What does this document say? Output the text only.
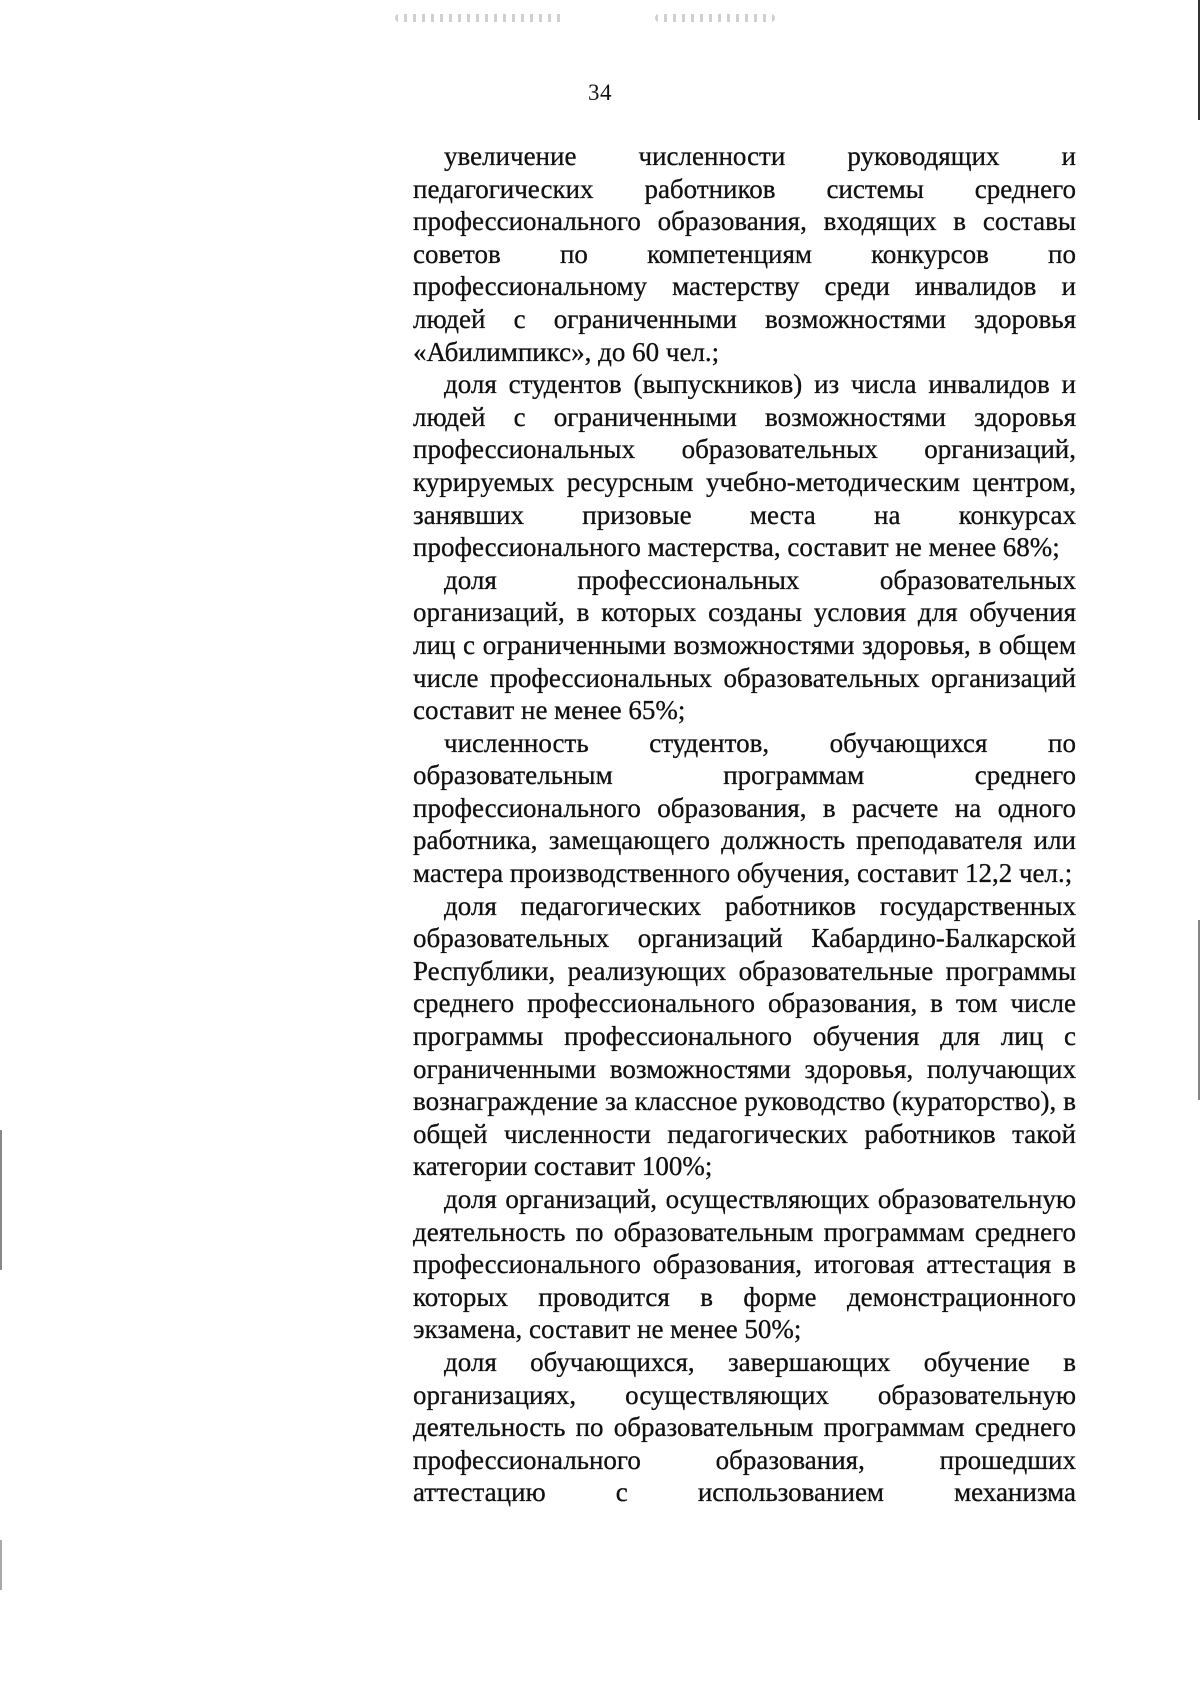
34

увеличение численности руководящих и педагогических работников системы среднего профессионального образования, входящих в составы советов по компетенциям конкурсов по профессиональному мастерству среди инвалидов и людей с ограниченными возможностями здоровья «Абилимпикс», до 60 чел.;

доля студентов (выпускников) из числа инвалидов и людей с ограниченными возможностями здоровья профессиональных образовательных организаций, курируемых ресурсным учебно-методическим центром, занявших призовые места на конкурсах профессионального мастерства, составит не менее 68%;

доля профессиональных образовательных организаций, в которых созданы условия для обучения лиц с ограниченными возможностями здоровья, в общем числе профессиональных образовательных организаций составит не менее 65%;

численность студентов, обучающихся по образовательным программам среднего профессионального образования, в расчете на одного работника, замещающего должность преподавателя или мастера производственного обучения, составит 12,2 чел.;

доля педагогических работников государственных образовательных организаций Кабардино-Балкарской Республики, реализующих образовательные программы среднего профессионального образования, в том числе программы профессионального обучения для лиц с ограниченными возможностями здоровья, получающих вознаграждение за классное руководство (кураторство), в общей численности педагогических работников такой категории составит 100%;

доля организаций, осуществляющих образовательную деятельность по образовательным программам среднего профессионального образования, итоговая аттестация в которых проводится в форме демонстрационного экзамена, составит не менее 50%;

доля обучающихся, завершающих обучение в организациях, осуществляющих образовательную деятельность по образовательным программам среднего профессионального образования, прошедших аттестацию с использованием механизма
